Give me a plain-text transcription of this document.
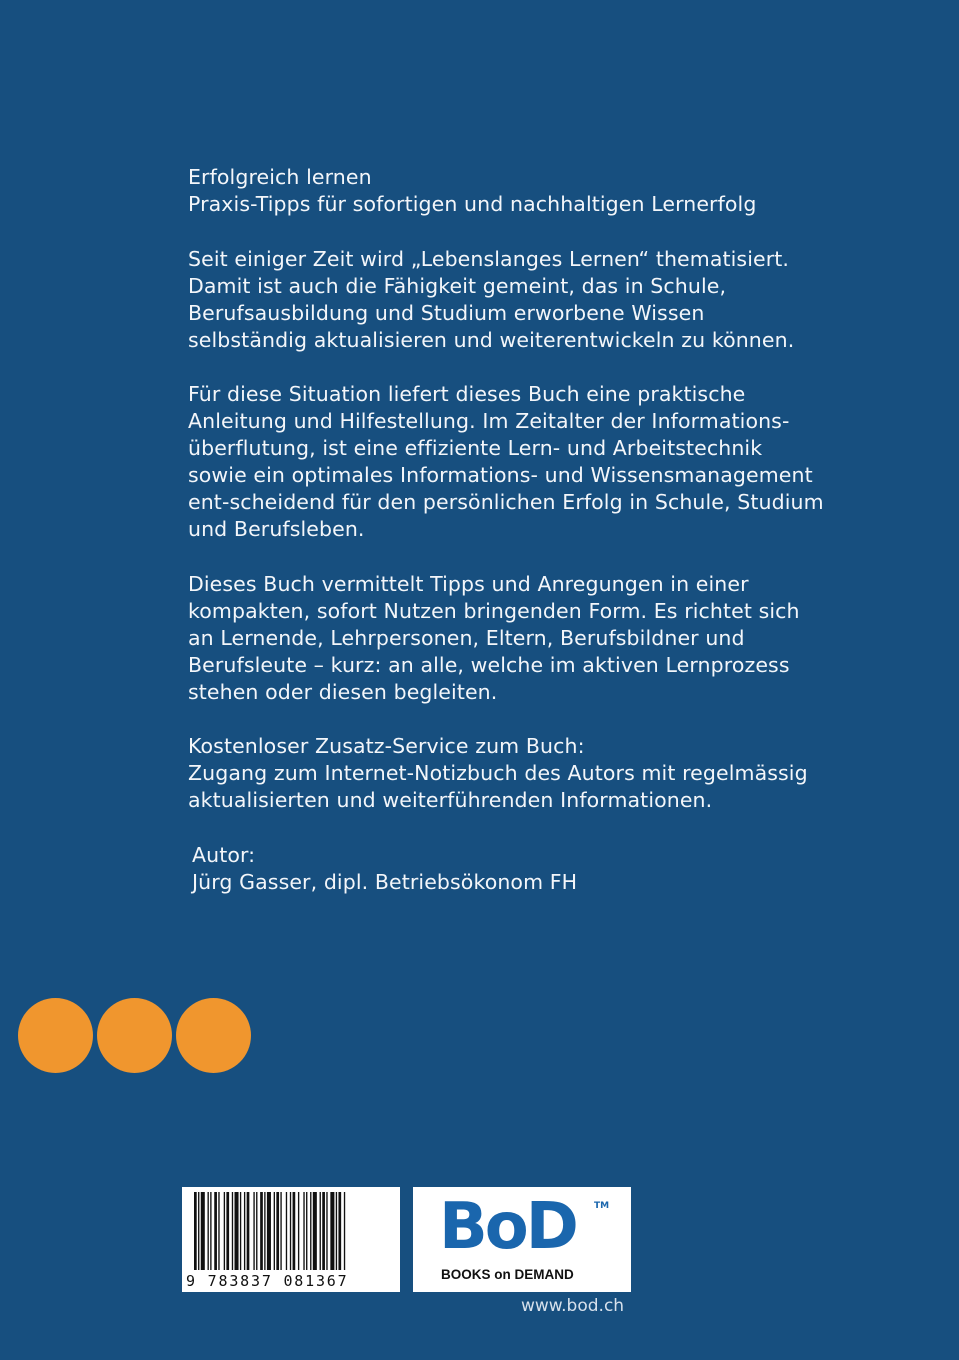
Erfolgreich lernen
Praxis-Tipps für sofortigen und nachhaltigen Lernerfolg
Seit einiger Zeit wird „Lebenslanges Lernen“ thematisiert.
Damit ist auch die Fähigkeit gemeint, das in Schule,
Berufsausbildung und Studium erworbene Wissen
selbständig aktualisieren und weiterentwickeln zu können.
Für diese Situation liefert dieses Buch eine praktische
Anleitung und Hilfestellung. Im Zeitalter der Informations-
überflutung, ist eine effiziente Lern- und Arbeitstechnik
sowie ein optimales Informations- und Wissensmanagement
ent-scheidend für den persönlichen Erfolg in Schule, Studium
und Berufsleben.
Dieses Buch vermittelt Tipps und Anregungen in einer
kompakten, sofort Nutzen bringenden Form. Es richtet sich
an Lernende, Lehrpersonen, Eltern, Berufsbildner und
Berufsleute – kurz: an alle, welche im aktiven Lernprozess
stehen oder diesen begleiten.
Kostenloser Zusatz-Service zum Buch:
Zugang zum Internet-Notizbuch des Autors mit regelmässig
aktualisierten und weiterführenden Informationen.
Autor:
Jürg Gasser, dipl. Betriebsökonom FH
9 783837 081367
BoD TM
BOOKS on DEMAND
www.bod.ch
